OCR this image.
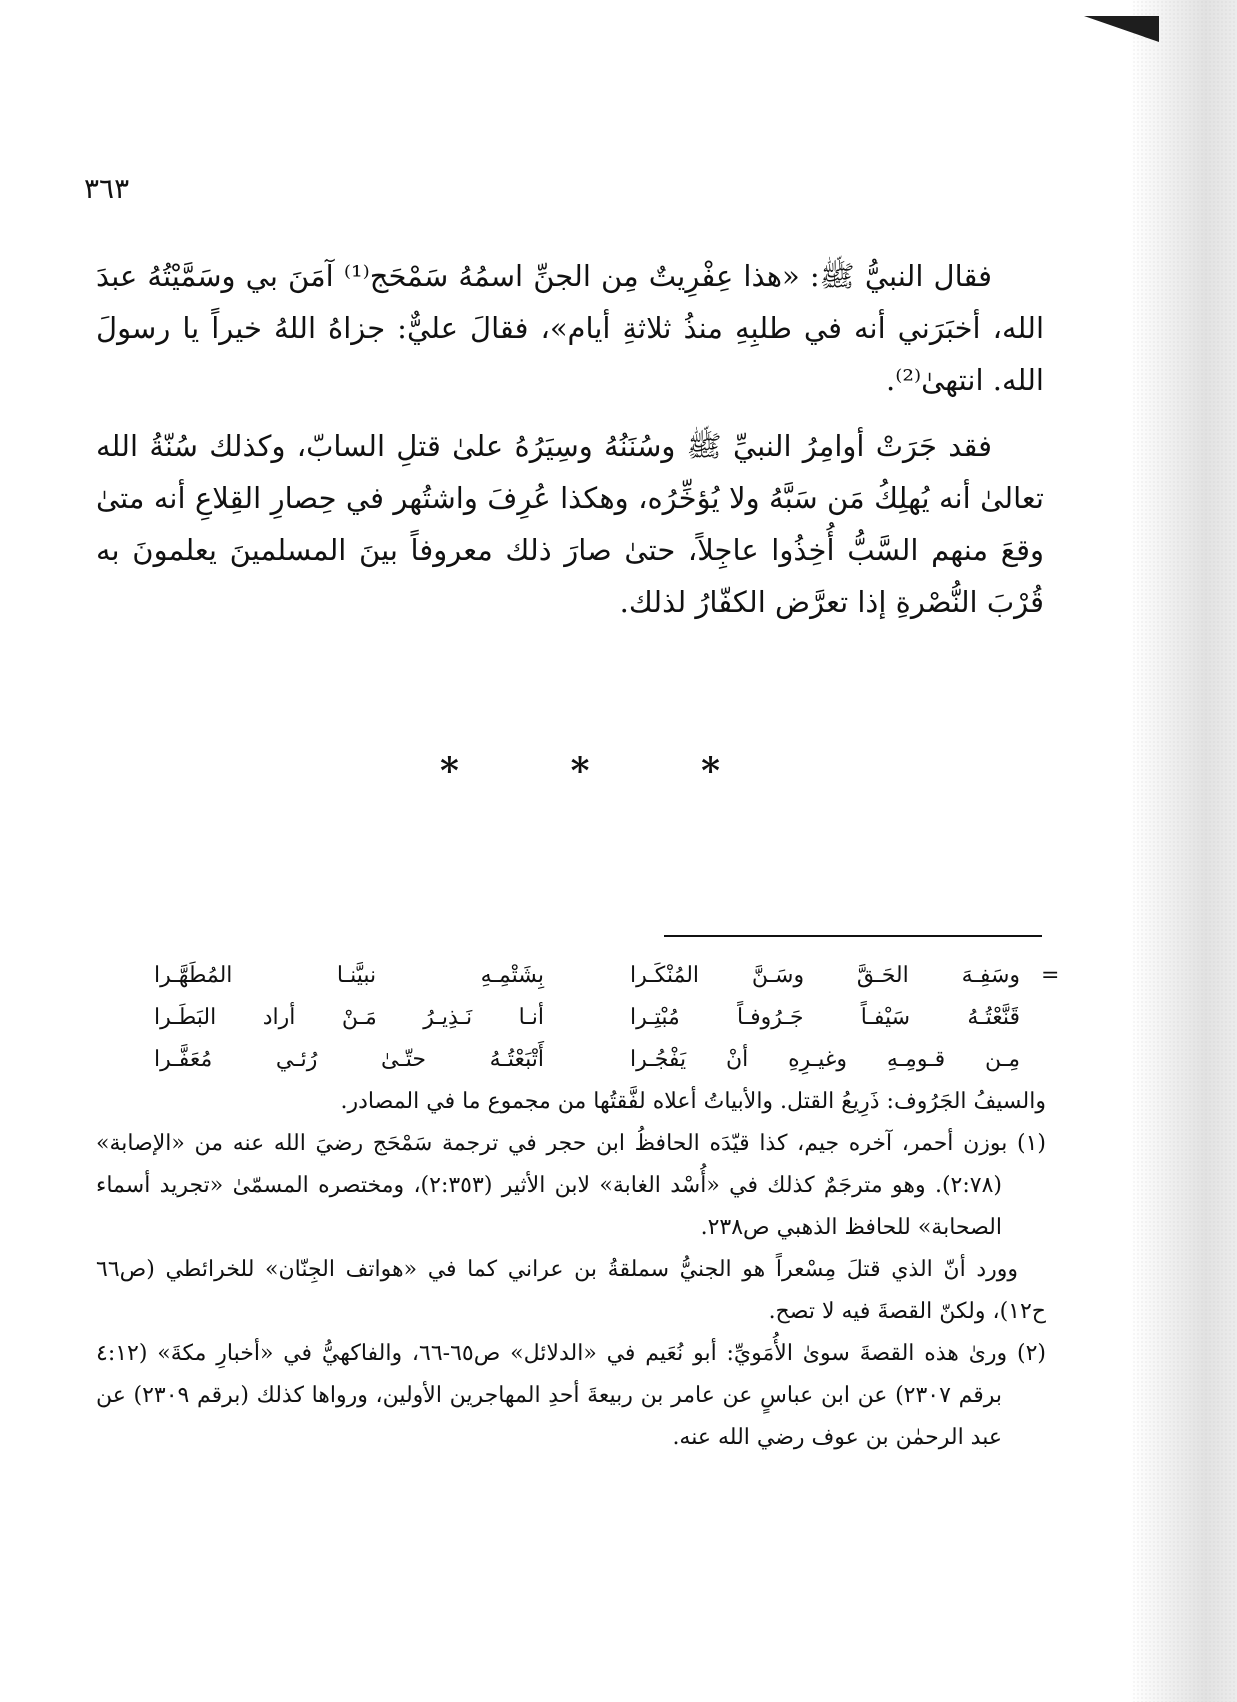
٣٦٣

فقال النبيُّ ﷺ: «هذا عِفْرِيتٌ مِن الجنِّ اسمُهُ سَمْحَج⁽¹⁾ آمَنَ بي وسَمَّيْتُهُ عبدَ الله، أخبَرَني أنه في طلبِهِ منذُ ثلاثةِ أيام»، فقالَ عليٌّ: جزاهُ اللهُ خيراً يا رسولَ الله. انتهىٰ⁽²⁾.

فقد جَرَتْ أوامِرُ النبيِّ ﷺ وسُنَنُهُ وسِيَرُهُ علىٰ قتلِ السابّ، وكذلك سُنّةُ الله تعالىٰ أنه يُهلِكُ مَن سَبَّهُ ولا يُؤخِّرُه، وهكذا عُرِفَ واشتُهر في حِصارِ القِلاعِ أنه متىٰ وقعَ منهم السَّبُّ أُخِذُوا عاجِلاً، حتىٰ صارَ ذلك معروفاً بينَ المسلمينَ يعلمونَ به قُرْبَ النُّصْرةِ إذا تعرَّض الكفّارُ لذلك.

*	*	*
=
وسَفِـهَ الحَـقَّ وسَـنَّ المُنْكَـرا
بِشَتْمِـهِ نبيَّنـا المُطَهَّـرا
قَنَّعْتُـهُ سَيْفـاً جَـرُوفـاً مُبْتِـرا
أنـا نَـذِيـرُ مَـنْ أراد البَطَـرا
مِـن قـومِـهِ وغيـرِهِ أنْ يَفْجُـرا
أَتْبَعْتُـهُ حتّـىٰ رُئـي مُعَفَّـرا

والسيفُ الجَرُوف: ذَرِيعُ القتل. والأبياتُ أعلاه لفَّقتُها من مجموع ما في المصادر.

(١) بوزن أحمر، آخره جيم، كذا قيّدَه الحافظُ ابن حجر في ترجمة سَمْحَج رضيَ الله عنه من «الإصابة» (٢:٧٨). وهو مترجَمٌ كذلك في «أُسْد الغابة» لابن الأثير (٢:٣٥٣)، ومختصره المسمّىٰ «تجريد أسماء الصحابة» للحافظ الذهبي ص٢٣٨.

وورد أنّ الذي قتلَ مِسْعراً هو الجنيُّ سملقةُ بن عراني كما في «هواتف الجِنّان» للخرائطي (ص٦٦ ح١٢)، ولكنّ القصةَ فيه لا تصح.

(٢) ورىٰ هذه القصةَ سوىٰ الأُمَويِّ: أبو نُعَيم في «الدلائل» ص٦٥-٦٦، والفاكهيُّ في «أخبارِ مكةَ» (٤:١٢ برقم ٢٣٠٧) عن ابن عباسٍ عن عامر بن ربيعةَ أحدِ المهاجرين الأولين، ورواها كذلك (برقم ٢٣٠٩) عن عبد الرحمٰن بن عوف رضي الله عنه.
